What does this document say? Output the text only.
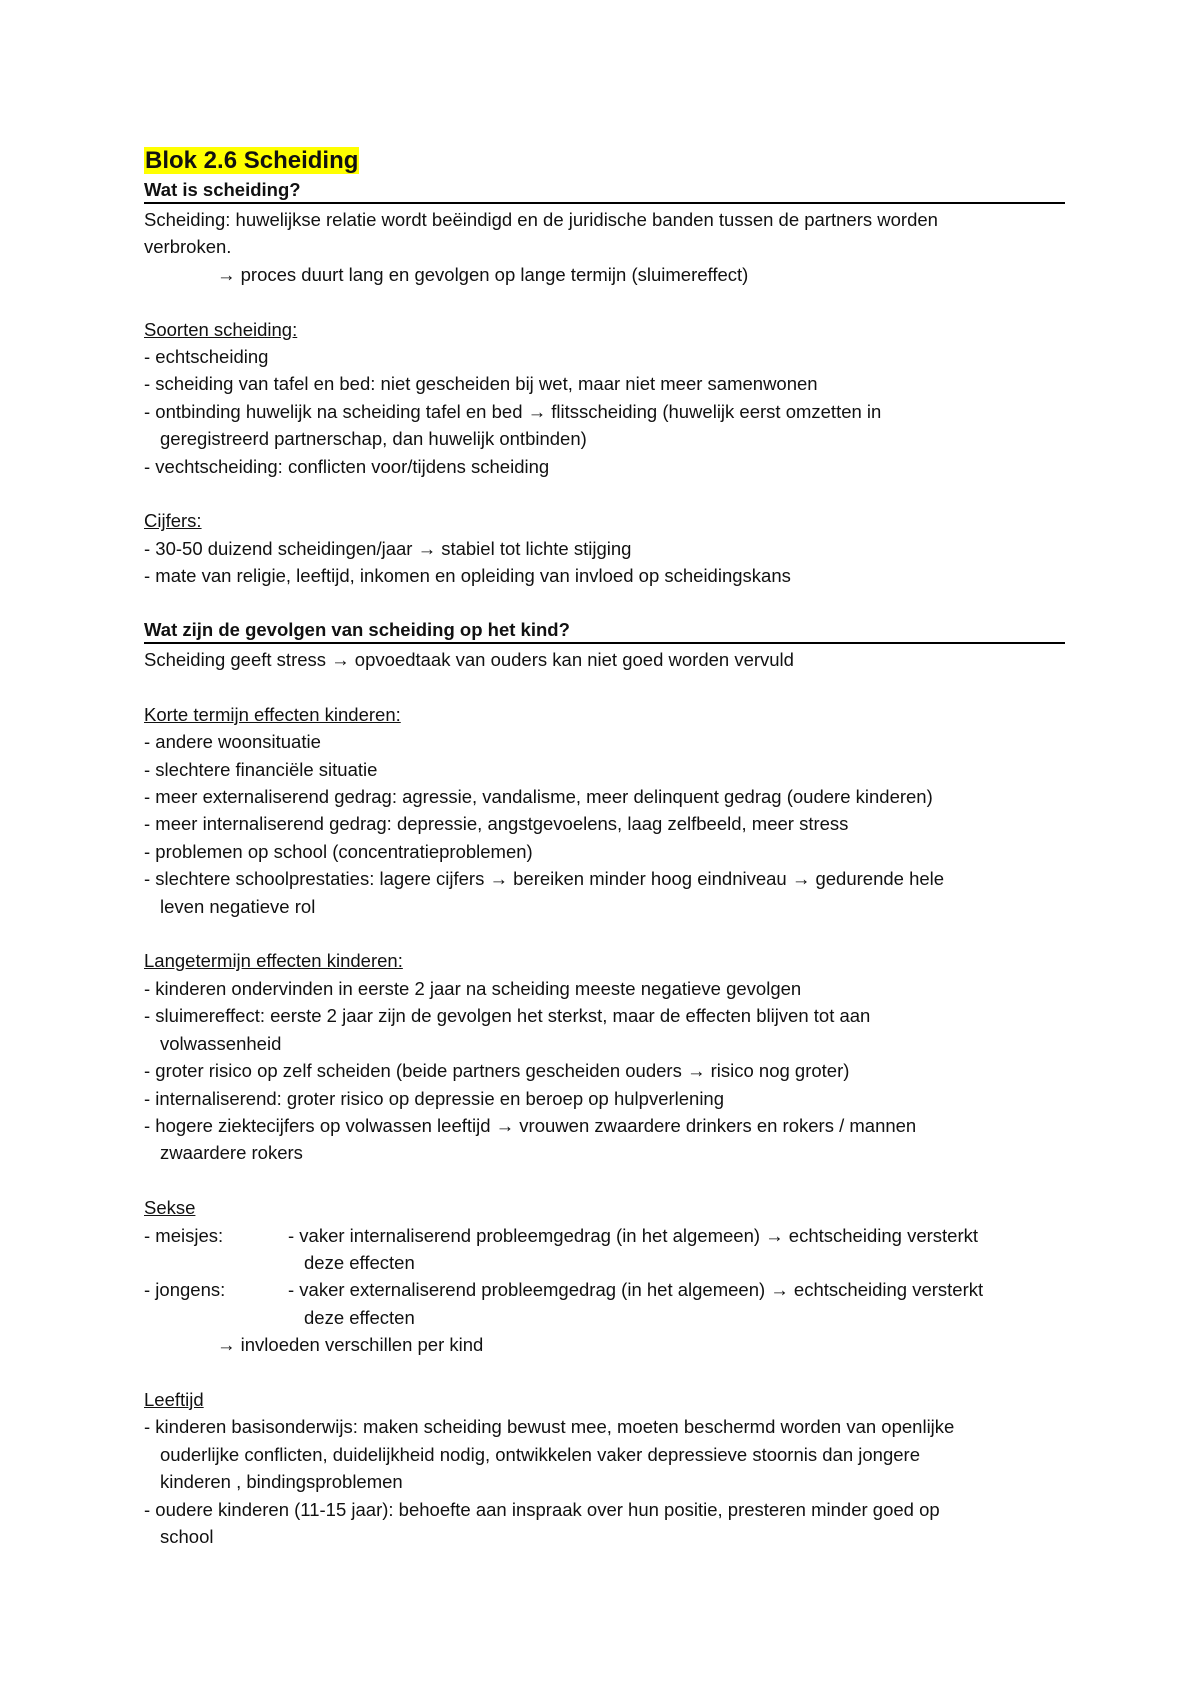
Blok 2.6 Scheiding
Wat is scheiding?
Scheiding: huwelijkse relatie wordt beëindigd en de juridische banden tussen de partners worden
verbroken.
→ proces duurt lang en gevolgen op lange termijn (sluimereffect)
Soorten scheiding:
- echtscheiding
- scheiding van tafel en bed: niet gescheiden bij wet, maar niet meer samenwonen
- ontbinding huwelijk na scheiding tafel en bed → flitsscheiding (huwelijk eerst omzetten in
geregistreerd partnerschap, dan huwelijk ontbinden)
- vechtscheiding: conflicten voor/tijdens scheiding
Cijfers:
- 30-50 duizend scheidingen/jaar → stabiel tot lichte stijging
- mate van religie, leeftijd, inkomen en opleiding van invloed op scheidingskans
Wat zijn de gevolgen van scheiding op het kind?
Scheiding geeft stress → opvoedtaak van ouders kan niet goed worden vervuld
Korte termijn effecten kinderen:
- andere woonsituatie
- slechtere financiële situatie
- meer externaliserend gedrag: agressie, vandalisme, meer delinquent gedrag (oudere kinderen)
- meer internaliserend gedrag: depressie, angstgevoelens, laag zelfbeeld, meer stress
- problemen op school (concentratieproblemen)
- slechtere schoolprestaties: lagere cijfers → bereiken minder hoog eindniveau → gedurende hele
leven negatieve rol
Langetermijn effecten kinderen:
- kinderen ondervinden in eerste 2 jaar na scheiding meeste negatieve gevolgen
- sluimereffect: eerste 2 jaar zijn de gevolgen het sterkst, maar de effecten blijven tot aan
volwassenheid
- groter risico op zelf scheiden (beide partners gescheiden ouders → risico nog groter)
- internaliserend: groter risico op depressie en beroep op hulpverlening
- hogere ziektecijfers op volwassen leeftijd → vrouwen zwaardere drinkers en rokers / mannen
zwaardere rokers
Sekse
- meisjes:	- vaker internaliserend probleemgedrag (in het algemeen) → echtscheiding versterkt
deze effecten
- jongens:	- vaker externaliserend probleemgedrag (in het algemeen) → echtscheiding versterkt
deze effecten
→ invloeden verschillen per kind
Leeftijd
- kinderen basisonderwijs: maken scheiding bewust mee, moeten beschermd worden van openlijke
ouderlijke conflicten, duidelijkheid nodig, ontwikkelen vaker depressieve stoornis dan jongere
kinderen , bindingsproblemen
- oudere kinderen (11-15 jaar): behoefte aan inspraak over hun positie, presteren minder goed op
school
